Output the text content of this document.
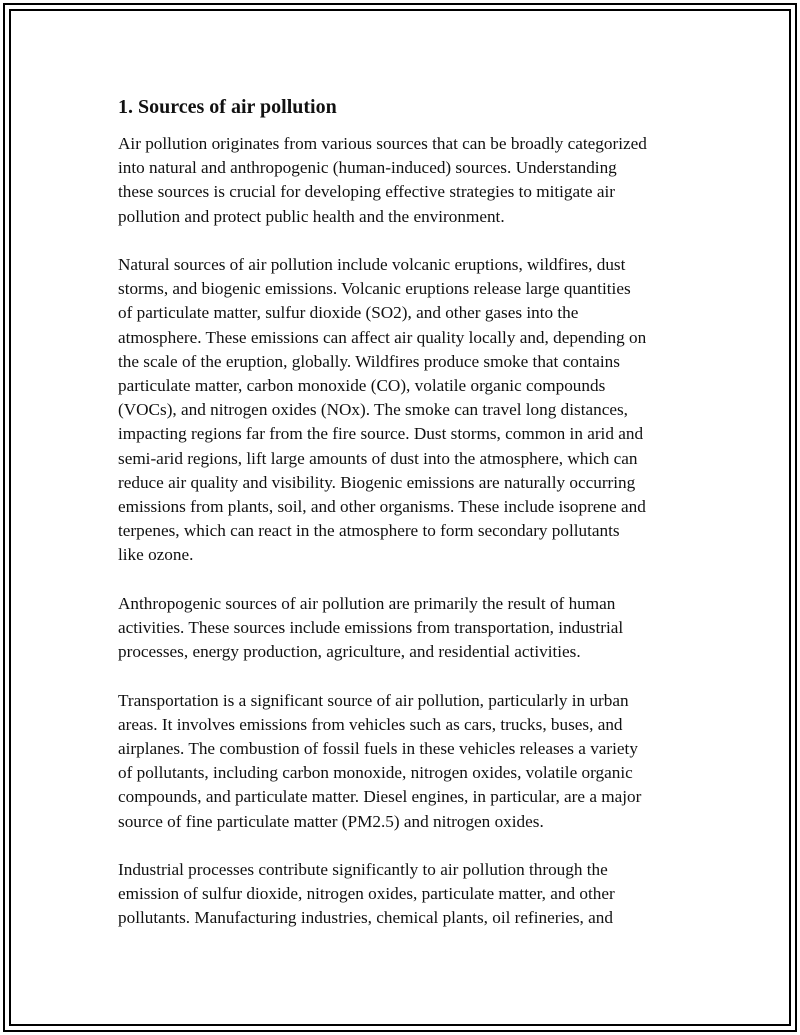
1. Sources of air pollution

Air pollution originates from various sources that can be broadly categorized
into natural and anthropogenic (human-induced) sources. Understanding
these sources is crucial for developing effective strategies to mitigate air
pollution and protect public health and the environment.

Natural sources of air pollution include volcanic eruptions, wildfires, dust
storms, and biogenic emissions. Volcanic eruptions release large quantities
of particulate matter, sulfur dioxide (SO2), and other gases into the
atmosphere. These emissions can affect air quality locally and, depending on
the scale of the eruption, globally. Wildfires produce smoke that contains
particulate matter, carbon monoxide (CO), volatile organic compounds
(VOCs), and nitrogen oxides (NOx). The smoke can travel long distances,
impacting regions far from the fire source. Dust storms, common in arid and
semi-arid regions, lift large amounts of dust into the atmosphere, which can
reduce air quality and visibility. Biogenic emissions are naturally occurring
emissions from plants, soil, and other organisms. These include isoprene and
terpenes, which can react in the atmosphere to form secondary pollutants
like ozone.

Anthropogenic sources of air pollution are primarily the result of human
activities. These sources include emissions from transportation, industrial
processes, energy production, agriculture, and residential activities.

Transportation is a significant source of air pollution, particularly in urban
areas. It involves emissions from vehicles such as cars, trucks, buses, and
airplanes. The combustion of fossil fuels in these vehicles releases a variety
of pollutants, including carbon monoxide, nitrogen oxides, volatile organic
compounds, and particulate matter. Diesel engines, in particular, are a major
source of fine particulate matter (PM2.5) and nitrogen oxides.

Industrial processes contribute significantly to air pollution through the
emission of sulfur dioxide, nitrogen oxides, particulate matter, and other
pollutants. Manufacturing industries, chemical plants, oil refineries, and
